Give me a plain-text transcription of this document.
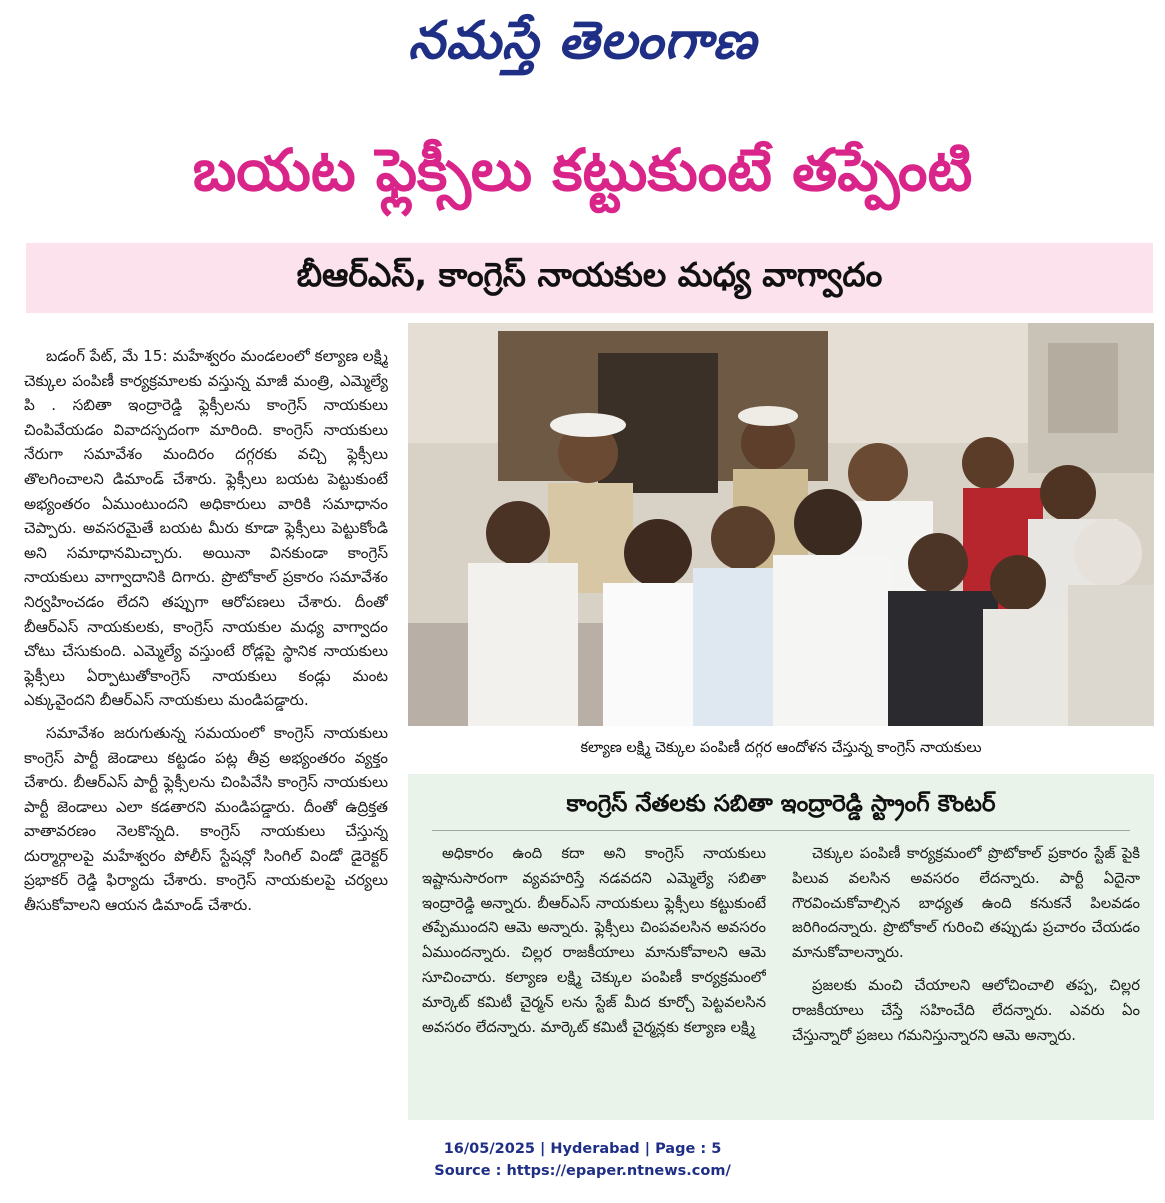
నమస్తే తెలంగాణ
బయట ఫ్లెక్సీలు కట్టుకుంటే తప్పేంటి
బీఆర్ఎస్, కాంగ్రెస్ నాయకుల మధ్య వాగ్వాదం

బడంగ్ పేట్, మే 15: మహేశ్వరం మండలంలో కల్యాణ లక్ష్మి చెక్కుల పంపిణీ కార్యక్రమాలకు వస్తున్న మాజీ మంత్రి, ఎమ్మెల్యే పి . సబితా ఇంద్రారెడ్డి ఫ్లెక్సీలను కాంగ్రెస్ నాయకులు చింపివేయడం వివాదస్పదంగా మారింది. కాంగ్రెస్ నాయకులు నేరుగా సమావేశం మందిరం దగ్గరకు వచ్చి ఫ్లెక్సీలు తొలగించాలని డిమాండ్ చేశారు. ఫ్లెక్సీలు బయట పెట్టుకుంటే అభ్యంతరం ఏముంటుందని అధికారులు వారికి సమాధానం చెప్పారు. అవసరమైతే బయట మీరు కూడా ఫ్లెక్సీలు పెట్టుకోండి అని సమాధానమిచ్చారు. అయినా వినకుండా కాంగ్రెస్ నాయకులు వాగ్వాదానికి దిగారు. ప్రొటోకాల్ ప్రకారం సమావేశం నిర్వహించడం లేదని తప్పుగా ఆరోపణలు చేశారు. దీంతో బీఆర్ఎస్ నాయకులకు, కాంగ్రెస్ నాయకుల మధ్య వాగ్వాదం చోటు చేసుకుంది. ఎమ్మెల్యే వస్తుంటే రోడ్లపై స్థానిక నాయకులు ఫ్లెక్సీలు ఏర్పాటుతోకాంగ్రెస్ నాయకులు కండ్లు మంట ఎక్కువైందని బీఆర్ఎస్ నాయకులు మండిపడ్డారు.

సమావేశం జరుగుతున్న సమయంలో కాంగ్రెస్ నాయకులు కాంగ్రెస్ పార్టీ జెండాలు కట్టడం పట్ల తీవ్ర అభ్యంతరం వ్యక్తం చేశారు. బీఆర్ఎస్ పార్టీ ఫ్లెక్సీలను చింపివేసి కాంగ్రెస్ నాయకులు పార్టీ జెండాలు ఎలా కడతారని మండిపడ్డారు. దీంతో ఉద్రిక్తత వాతావరణం నెలకొన్నది. కాంగ్రెస్ నాయకులు చేస్తున్న దుర్మార్గాలపై మహేశ్వరం పోలీస్ స్టేషన్లో సింగిల్ విండో డైరెక్టర్ ప్రభాకర్ రెడ్డి ఫిర్యాదు చేశారు. కాంగ్రెస్ నాయకులపై చర్యలు తీసుకోవాలని ఆయన డిమాండ్ చేశారు.

కల్యాణ లక్ష్మి చెక్కుల పంపిణీ దగ్గర ఆందోళన చేస్తున్న కాంగ్రెస్ నాయకులు
కాంగ్రెస్ నేతలకు సబితా ఇంద్రారెడ్డి స్ట్రాంగ్ కౌంటర్

అధికారం ఉంది కదా అని కాంగ్రెస్ నాయకులు ఇష్టానుసారంగా వ్యవహరిస్తే నడవదని ఎమ్మెల్యే సబితా ఇంద్రారెడ్డి అన్నారు. బీఆర్ఎస్ నాయకులు ఫ్లెక్సీలు కట్టుకుంటే తప్పేముందని ఆమె అన్నారు. ఫ్లెక్సీలు చింపవలసిన అవసరం ఏముందన్నారు. చిల్లర రాజకీయాలు మానుకోవాలని ఆమె సూచించారు. కల్యాణ లక్ష్మి చెక్కుల పంపిణీ కార్యక్రమంలో మార్కెట్ కమిటీ చైర్మన్ లను స్టేజ్ మీద కూర్చో పెట్టవలసిన అవసరం లేదన్నారు. మార్కెట్ కమిటీ చైర్మన్లకు కల్యాణ లక్ష్మి

చెక్కుల పంపిణీ కార్యక్రమంలో ప్రొటోకాల్ ప్రకారం స్టేజ్ పైకి పిలువ వలసిన అవసరం లేదన్నారు. పార్టీ ఏదైనా గౌరవించుకోవాల్సిన బాధ్యత ఉంది కనుకనే పిలవడం జరిగిందన్నారు. ప్రొటోకాల్ గురించి తప్పుడు ప్రచారం చేయడం మానుకోవాలన్నారు.

ప్రజలకు మంచి చేయాలని ఆలోచించాలి తప్ప, చిల్లర రాజకీయాలు చేస్తే సహించేది లేదన్నారు. ఎవరు ఏం చేస్తున్నారో ప్రజలు గమనిస్తున్నారని ఆమె అన్నారు.

16/05/2025 | Hyderabad | Page : 5
Source : https://epaper.ntnews.com/
